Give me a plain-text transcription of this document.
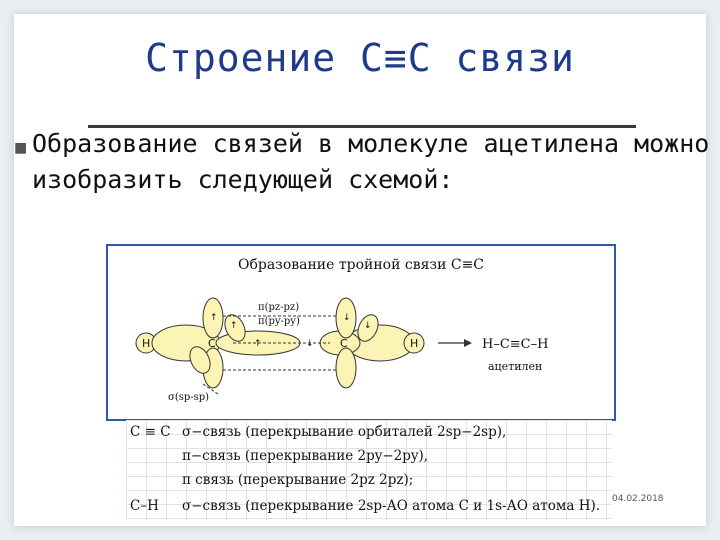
Строение С≡С связи
■ Образование связей в молекуле ацетилена можно изобразить следующей схемой:
Образование тройной связи С≡С
↑
↑
↑	↓
↓
↓
H	C	C	H
π(pz-pz)
π(py-py)
σ(sp-sp)
H–C≡C–H
ацетилен
C ≡ C σ−связь (перекрывание орбиталей 2sp−2sp),
π−связь (перекрывание 2py−2py),
π связь (перекрывание 2pz 2pz);
C–H σ−связь (перекрывание 2sp-АО атома С и 1s-АО атома Н). 04.02.2018
